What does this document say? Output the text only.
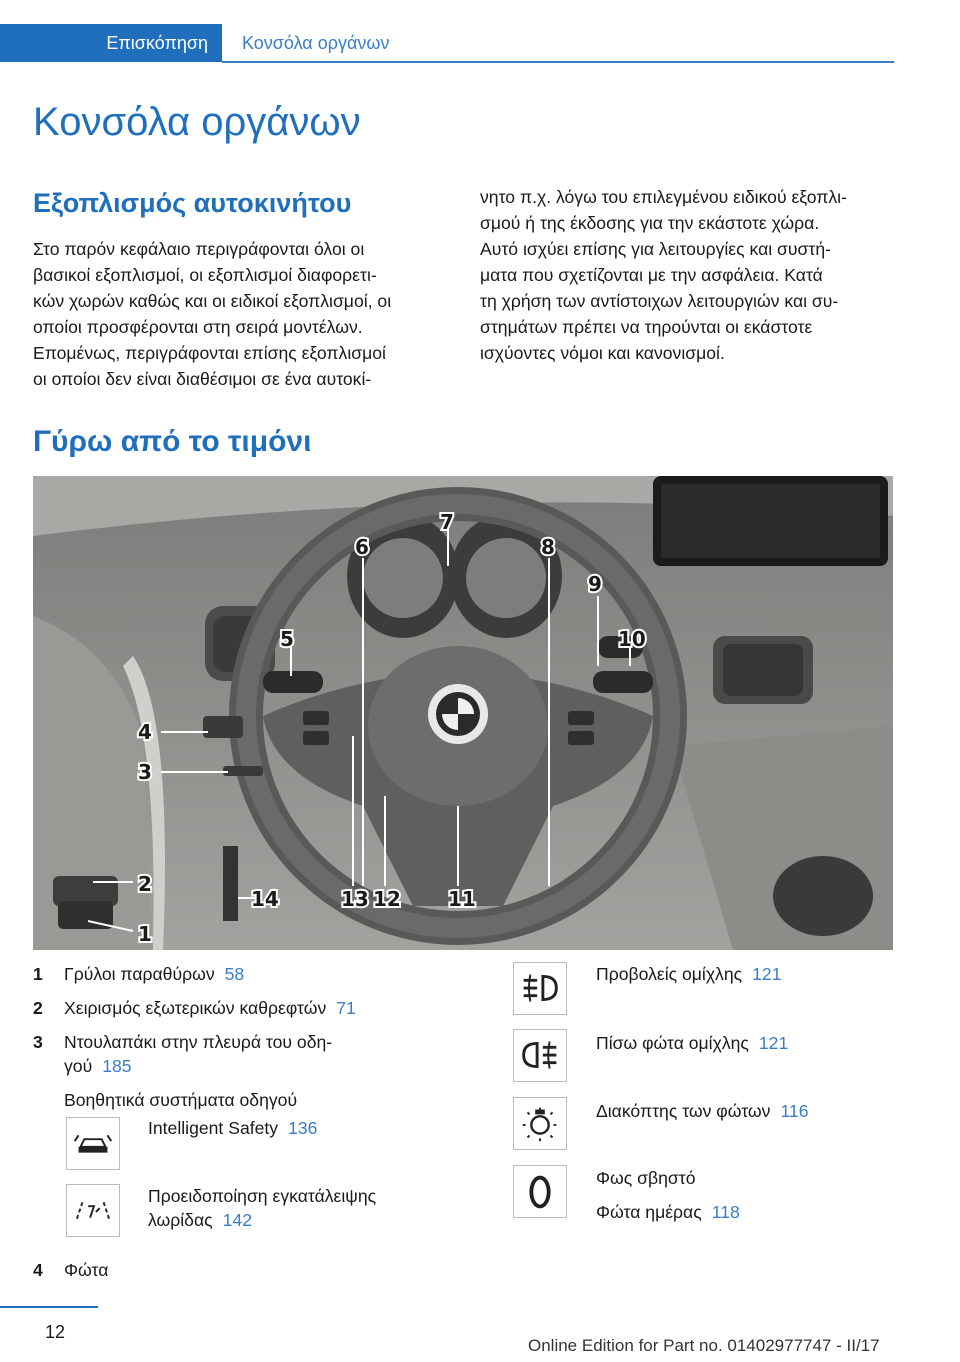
Επισκόπηση	Κονσόλα οργάνων
Κονσόλα οργάνων
Εξοπλισμός αυτοκινήτου
Στο παρόν κεφάλαιο περιγράφονται όλοι οι
βασικοί εξοπλισμοί, οι εξοπλισμοί διαφορετι‐
κών χωρών καθώς και οι ειδικοί εξοπλισμοί, οι
οποίοι προσφέρονται στη σειρά μοντέλων.
Επομένως, περιγράφονται επίσης εξοπλισμοί
οι οποίοι δεν είναι διαθέσιμοι σε ένα αυτοκί‐
νητο π.χ. λόγω του επιλεγμένου ειδικού εξοπλι‐
σμού ή της έκδοσης για την εκάστοτε χώρα.
Αυτό ισχύει επίσης για λειτουργίες και συστή‐
ματα που σχετίζονται με την ασφάλεια. Κατά
τη χρήση των αντίστοιχων λειτουργιών και συ‐
στημάτων πρέπει να τηρούνται οι εκάστοτε
ισχύοντες νόμοι και κανονισμοί.
Γύρω από το τιμόνι
1
2
3
4
5
6
7
8
9
10
11
12
13
14
1 Γρύλοι παραθύρων 58
2 Χειρισμός εξωτερικών καθρεφτών 71
3 Ντουλαπάκι στην πλευρά του οδη‐
γού 185
Βοηθητικά συστήματα οδηγού
Intelligent Safety 136
Προειδοποίηση εγκατάλειψης
λωρίδας 142
4 Φώτα
Προβολείς ομίχλης 121
Πίσω φώτα ομίχλης 121
Διακόπτης των φώτων 116
Φως σβηστό
Φώτα ημέρας 118
12
Online Edition for Part no. 01402977747 - II/17
